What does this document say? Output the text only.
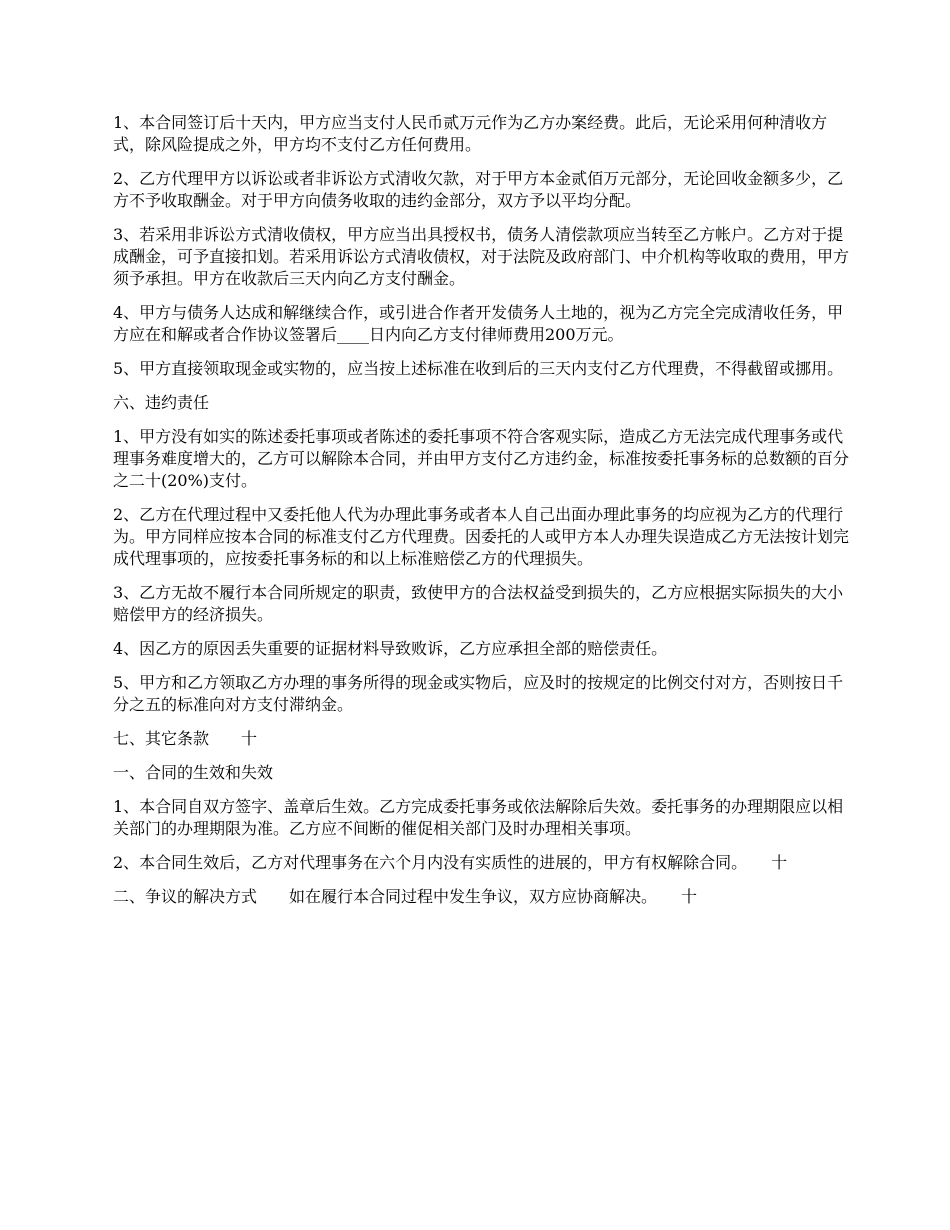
1、本合同签订后十天内，甲方应当支付人民币贰万元作为乙方办案经费。此后，无论采用何种清收方式，除风险提成之外，甲方均不支付乙方任何费用。

2、乙方代理甲方以诉讼或者非诉讼方式清收欠款，对于甲方本金贰佰万元部分，无论回收金额多少，乙方不予收取酬金。对于甲方向债务收取的违约金部分，双方予以平均分配。

3、若采用非诉讼方式清收债权，甲方应当出具授权书，债务人清偿款项应当转至乙方帐户。乙方对于提成酬金，可予直接扣划。若采用诉讼方式清收债权，对于法院及政府部门、中介机构等收取的费用，甲方须予承担。甲方在收款后三天内向乙方支付酬金。

4、甲方与债务人达成和解继续合作，或引进合作者开发债务人土地的，视为乙方完全完成清收任务，甲方应在和解或者合作协议签署后____日内向乙方支付律师费用200万元。

5、甲方直接领取现金或实物的，应当按上述标准在收到后的三天内支付乙方代理费，不得截留或挪用。

六、违约责任

1、甲方没有如实的陈述委托事项或者陈述的委托事项不符合客观实际，造成乙方无法完成代理事务或代理事务难度增大的，乙方可以解除本合同，并由甲方支付乙方违约金，标准按委托事务标的总数额的百分之二十(20%)支付。

2、乙方在代理过程中又委托他人代为办理此事务或者本人自己出面办理此事务的均应视为乙方的代理行为。甲方同样应按本合同的标准支付乙方代理费。因委托的人或甲方本人办理失误造成乙方无法按计划完成代理事项的，应按委托事务标的和以上标准赔偿乙方的代理损失。

3、乙方无故不履行本合同所规定的职责，致使甲方的合法权益受到损失的，乙方应根据实际损失的大小赔偿甲方的经济损失。

4、因乙方的原因丢失重要的证据材料导致败诉，乙方应承担全部的赔偿责任。

5、甲方和乙方领取乙方办理的事务所得的现金或实物后，应及时的按规定的比例交付对方，否则按日千分之五的标准向对方支付滞纳金。

七、其它条款　　十

一、合同的生效和失效

1、本合同自双方签字、盖章后生效。乙方完成委托事务或依法解除后失效。委托事务的办理期限应以相关部门的办理期限为准。乙方应不间断的催促相关部门及时办理相关事项。

2、本合同生效后，乙方对代理事务在六个月内没有实质性的进展的，甲方有权解除合同。　　十

二、争议的解决方式　　如在履行本合同过程中发生争议，双方应协商解决。　　十
